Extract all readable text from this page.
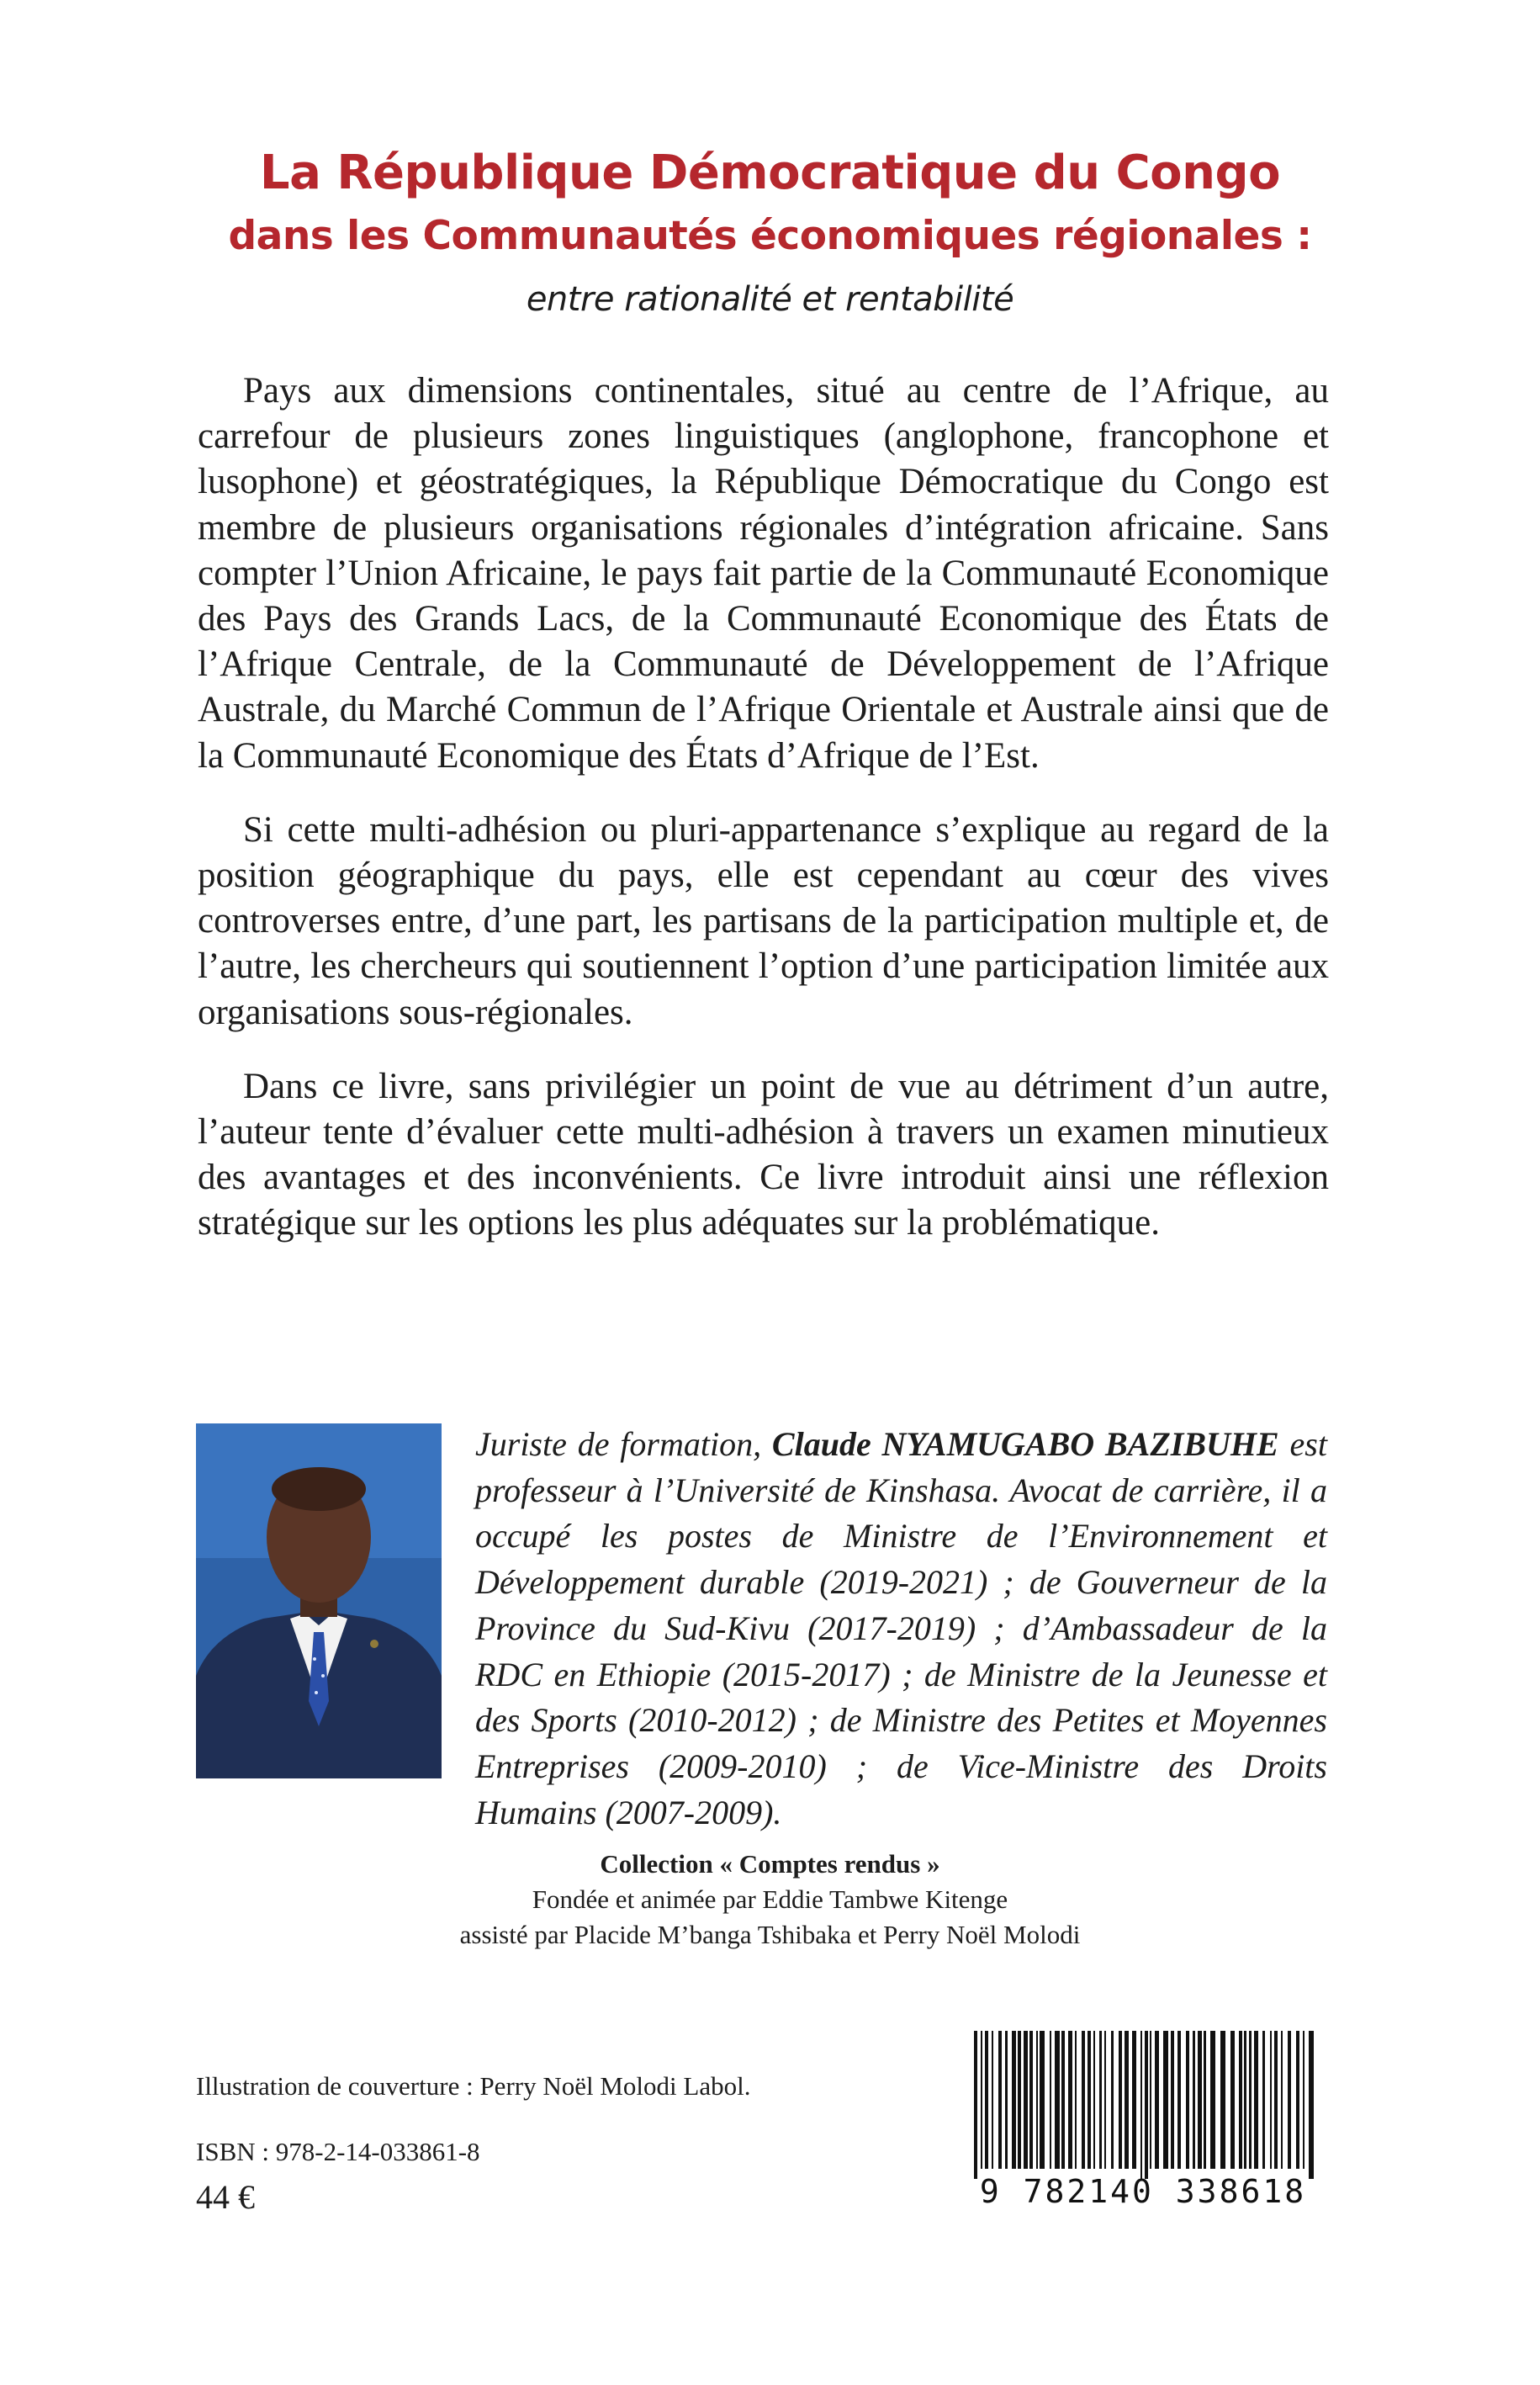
La République Démocratique du Congo
dans les Communautés économiques régionales :
entre rationalité et rentabilité

Pays aux dimensions continentales, situé au centre de l’Afrique, au carrefour de plusieurs zones linguistiques (anglophone, francophone et lusophone) et géostratégiques, la République Démocratique du Congo est membre de plusieurs organisations régionales d’intégration africaine. Sans compter l’Union Africaine, le pays fait partie de la Communauté Economique des Pays des Grands Lacs, de la Communauté Economique des États de l’Afrique Centrale, de la Communauté de Développement de l’Afrique Australe, du Marché Commun de l’Afrique Orientale et Australe ainsi que de la Communauté Economique des États d’Afrique de l’Est.

Si cette multi-adhésion ou pluri-appartenance s’explique au regard de la position géographique du pays, elle est cependant au cœur des vives controverses entre, d’une part, les partisans de la participation multiple et, de l’autre, les chercheurs qui soutiennent l’option d’une participation limitée aux organisations sous-régionales.

Dans ce livre, sans privilégier un point de vue au détriment d’un autre, l’auteur tente d’évaluer cette multi-adhésion à travers un examen minutieux des avantages et des inconvénients. Ce livre introduit ainsi une réflexion stratégique sur les options les plus adéquates sur la problématique.

Juriste de formation, Claude NYAMUGABO BAZIBUHE est professeur à l’Université de Kinshasa. Avocat de carrière, il a occupé les postes de Ministre de l’Environnement et Développement durable (2019-2021) ; de Gouverneur de la Province du Sud-Kivu (2017-2019) ; d’Ambassadeur de la RDC en Ethiopie (2015-2017) ; de Ministre de la Jeunesse et des Sports (2010-2012) ; de Ministre des Petites et Moyennes Entreprises (2009-2010) ; de Vice-Ministre des Droits Humains (2007-2009).
Collection « Comptes rendus »
Fondée et animée par Eddie Tambwe Kitenge
assisté par Placide M’banga Tshibaka et Perry Noël Molodi
Illustration de couverture : Perry Noël Molodi Labol.
ISBN : 978-2-14-033861-8
44 €	9 782140 338618
